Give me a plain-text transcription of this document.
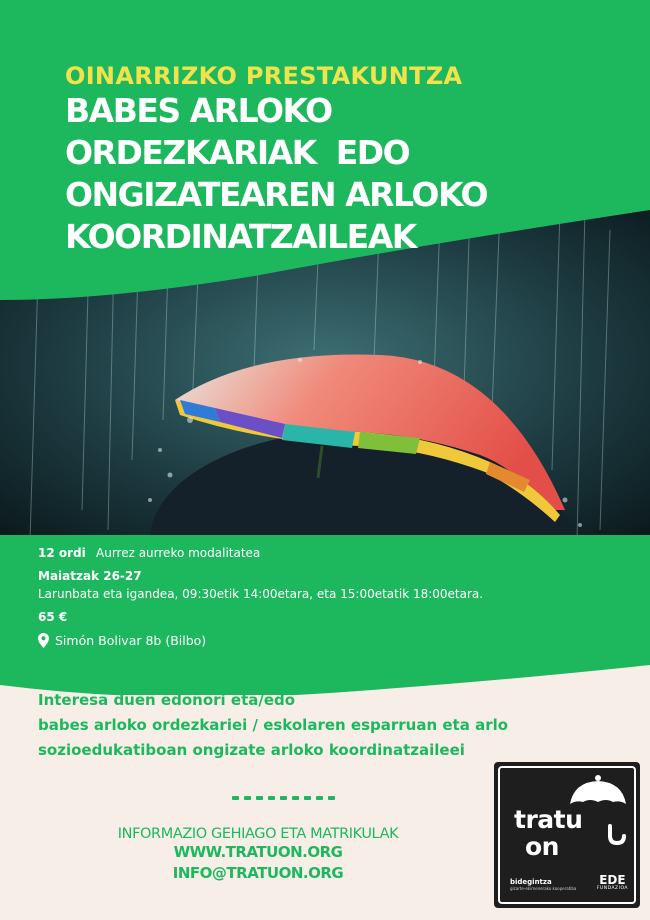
OINARRIZKO PRESTAKUNTZA
BABES ARLOKO
ORDEZKARIAK  EDO
ONGIZATEAREN ARLOKO
KOORDINATZAILEAK
12 ordi Aurrez aurreko modalitatea
Maiatzak 26-27
Larunbata eta igandea, 09:30etik 14:00etara, eta 15:00etatik 18:00etara.
65 €
Simón Bolivar 8b (Bilbo)
Interesa duen edonori eta/edo
babes arloko ordezkariei / eskolaren esparruan eta arlo
sozioedukatiboan ongizate arloko koordinatzaileei
INFORMAZIO GEHIAGO ETA MATRIKULAK
WWW.TRATUON.ORG
INFO@TRATUON.ORG
tratu
on
bidegintza
gizarte-ekimenerako kooperatiba
EDE
FUNDAZIOA
